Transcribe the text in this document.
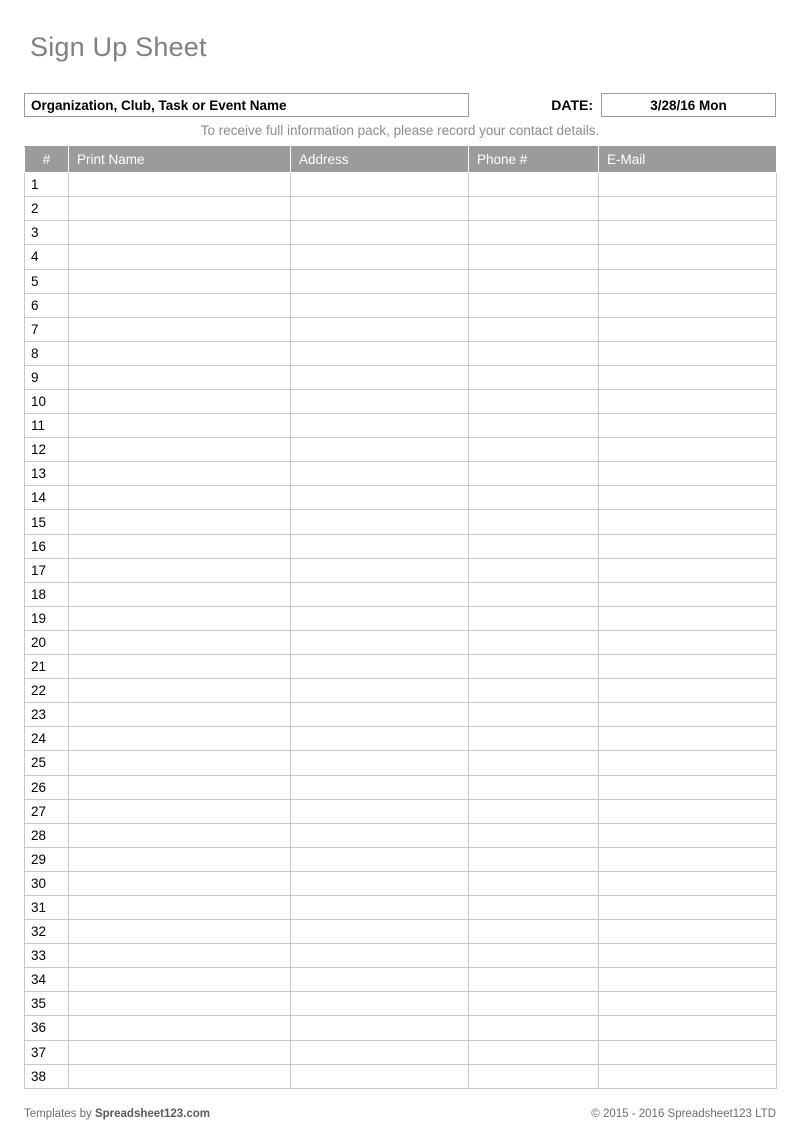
Sign Up Sheet
Organization, Club, Task or Event Name	DATE:	3/28/16 Mon
To receive full information pack, please record your contact details.
#	Print Name	Address	Phone #	E-Mail
1				
2				
3				
4				
5				
6				
7				
8				
9				
10				
11				
12				
13				
14				
15				
16				
17				
18				
19				
20				
21				
22				
23				
24				
25				
26				
27				
28				
29				
30				
31				
32				
33				
34				
35				
36				
37				
38				
Templates by Spreadsheet123.com	© 2015 - 2016 Spreadsheet123 LTD
